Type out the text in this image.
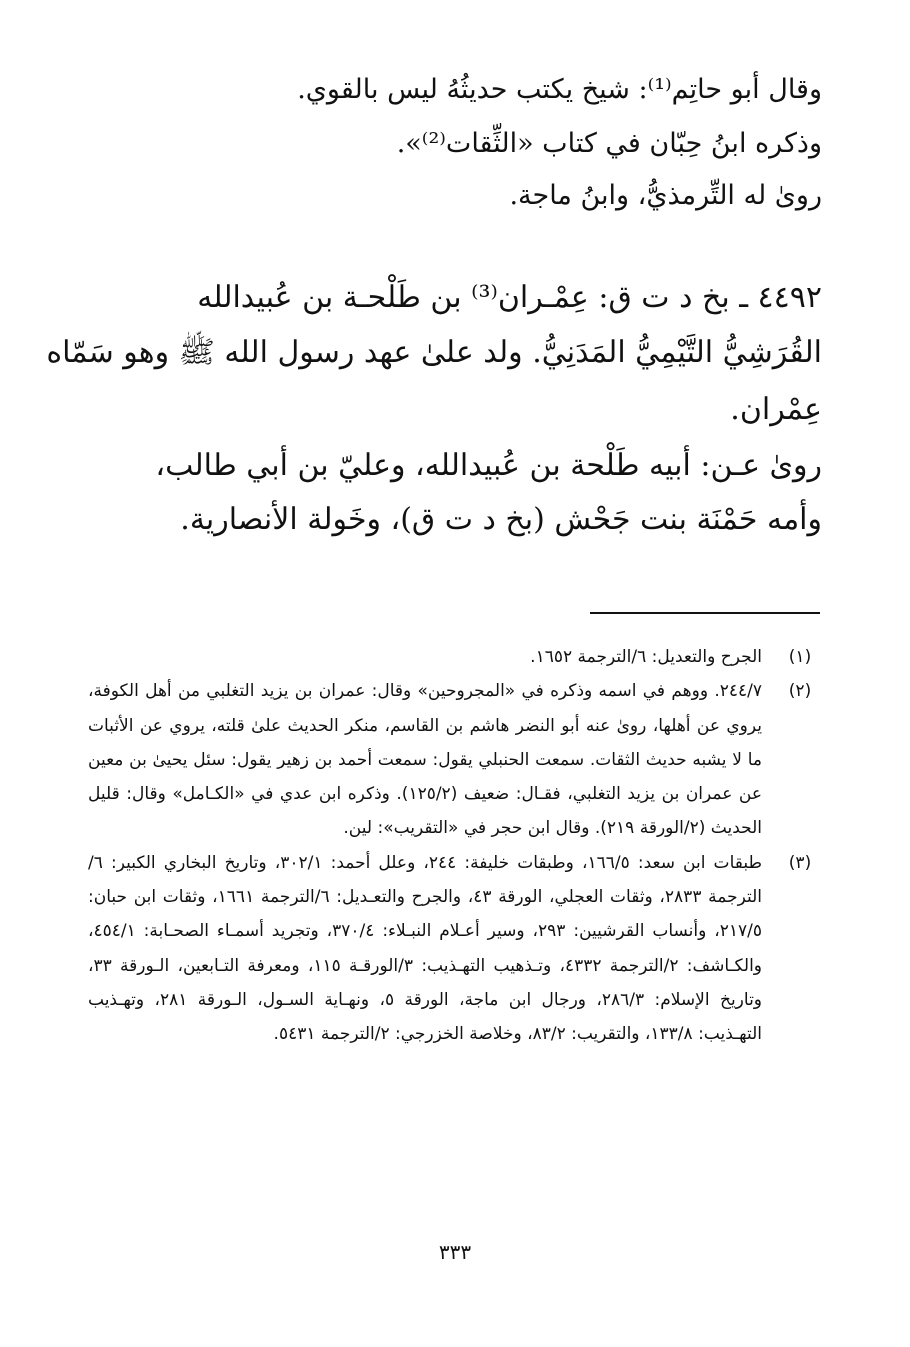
وقال أبو حاتِم⁽¹⁾: شيخ يكتب حديثُهُ ليس بالقوي.

وذكره ابنُ حِبّان في كتاب «الثِّقات⁽²⁾».

روىٰ له التِّرمذيُّ، وابنُ ماجة.

٤٤٩٢ ـ بخ د ت ق: عِمْـران⁽³⁾ بن طَلْحـة بن عُبيدالله

القُرَشِيُّ التَّيْمِيُّ المَدَنِيُّ. ولد علىٰ عهد رسول الله ﷺ وهو سَمّاه

عِمْران.

روىٰ عـن: أبيه طَلْحة بن عُبيدالله، وعليّ بن أبي طالب،

وأمه حَمْنَة بنت جَحْش (بخ د ت ق)، وخَولة الأنصارية.

(١)
الجرح والتعديل: ٦/الترجمة ١٦٥٢.
(٢)
٢٤٤/٧. ووهم في اسمه وذكره في «المجروحين» وقال: عمران بن يزيد التغلبي من أهل الكوفة، يروي عن أهلها، روىٰ عنه أبو النضر هاشم بن القاسم، منكر الحديث علىٰ قلته، يروي عن الأثبات ما لا يشبه حديث الثقات. سمعت الحنبلي يقول: سمعت أحمد بن زهير يقول: سئل يحيىٰ بن معين عن عمران بن يزيد التغلبي، فقـال: ضعيف (١٢٥/٢). وذكره ابن عدي في «الكـامل» وقال: قليل الحديث (٢/الورقة ٢١٩). وقال ابن حجر في «التقريب»: لين.
(٣)
طبقات ابن سعد: ١٦٦/٥، وطبقات خليفة: ٢٤٤، وعلل أحمد: ٣٠٢/١، وتاريخ البخاري الكبير: ٦/الترجمة ٢٨٣٣، وثقات العجلي، الورقة ٤٣، والجرح والتعـديل: ٦/الترجمة ١٦٦١، وثقات ابن حبان: ٢١٧/٥، وأنساب القرشيين: ٢٩٣، وسير أعـلام النبـلاء: ٣٧٠/٤، وتجريد أسمـاء الصحـابة: ٤٥٤/١، والكـاشف: ٢/الترجمة ٤٣٣٢، وتـذهيب التهـذيب: ٣/الورقـة ١١٥، ومعرفة التـابعين، الـورقة ٣٣، وتاريخ الإسلام: ٢٨٦/٣، ورجال ابن ماجة، الورقة ٥، ونهـاية السـول، الـورقة ٢٨١، وتهـذيب التهـذيب: ١٣٣/٨، والتقريب: ٨٣/٢، وخلاصة الخزرجي: ٢/الترجمة ٥٤٣١.
٣٣٣
